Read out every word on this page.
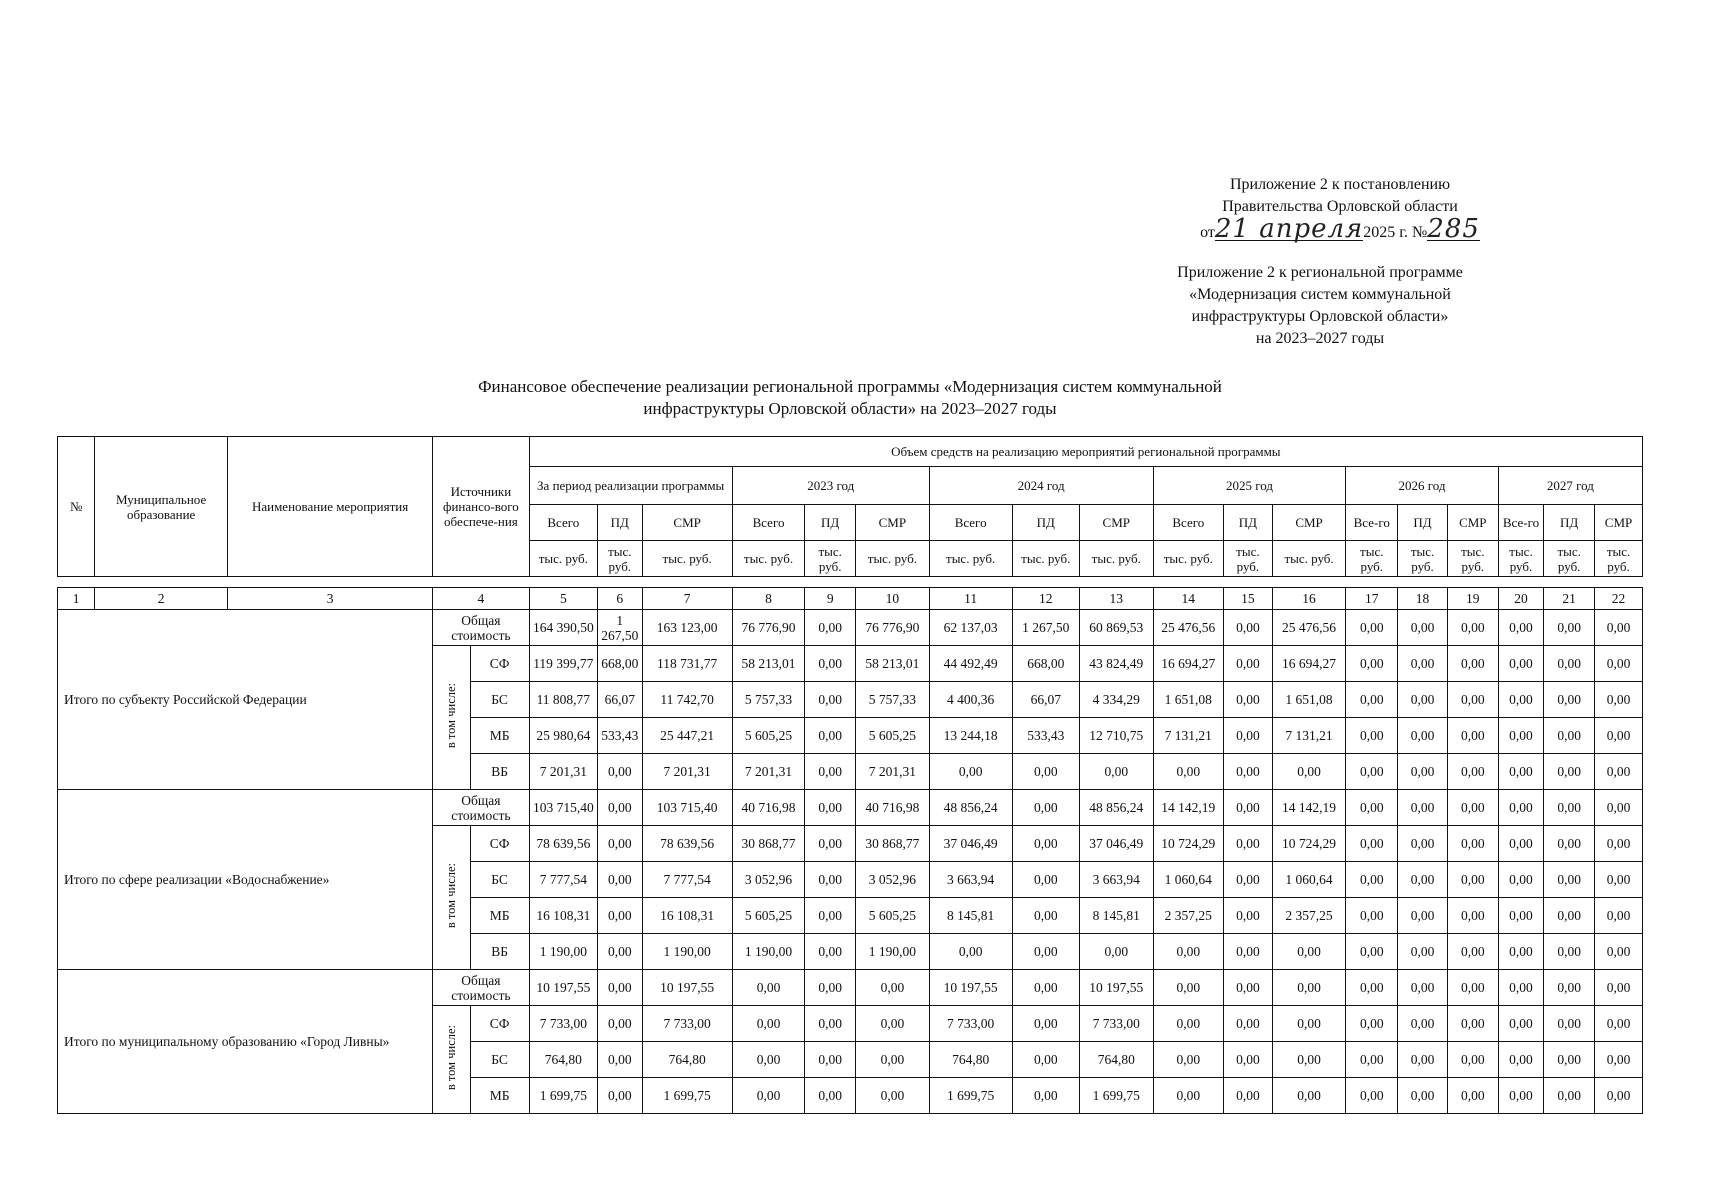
Приложение 2 к постановлению
Правительства Орловской области
от21 апреля2025 г. №285
Приложение 2 к региональной программе
«Модернизация систем коммунальной
инфраструктуры Орловской области»
на 2023–2027 годы
Финансовое обеспечение реализации региональной программы «Модернизация систем коммунальной
инфраструктуры Орловской области» на 2023–2027 годы
№	Муниципальное образование	Наименование мероприятия	Источники финансо-вого обеспече-ния		Объем средств на реализацию мероприятий региональной программы																	
					За период реализации программы			2023 год			2024 год			2025 год			2026 год			2027 год		
					Всего	ПД	СМР	Всего	ПД	СМР	Всего	ПД	СМР	Всего	ПД	СМР	Все-го	ПД	СМР	Все-го	ПД	СМР
					тыс. руб.	тыс. руб.	тыс. руб.	тыс. руб.	тыс. руб.	тыс. руб.	тыс. руб.	тыс. руб.	тыс. руб.	тыс. руб.	тыс. руб.	тыс. руб.	тыс. руб.	тыс. руб.	тыс. руб.	тыс. руб.	тыс. руб.	тыс. руб.

1	2	3	4		5	6	7	8	9	10	11	12	13	14	15	16	17	18	19	20	21	22
Итого по субъекту Российской Федерации			Общая стоимость		164 390,50	1 267,50	163 123,00	76 776,90	0,00	76 776,90	62 137,03	1 267,50	60 869,53	25 476,56	0,00	25 476,56	0,00	0,00	0,00	0,00	0,00	0,00
			в том числе:	СФ	119 399,77	668,00	118 731,77	58 213,01	0,00	58 213,01	44 492,49	668,00	43 824,49	16 694,27	0,00	16 694,27	0,00	0,00	0,00	0,00	0,00	0,00
				БС	11 808,77	66,07	11 742,70	5 757,33	0,00	5 757,33	4 400,36	66,07	4 334,29	1 651,08	0,00	1 651,08	0,00	0,00	0,00	0,00	0,00	0,00
				МБ	25 980,64	533,43	25 447,21	5 605,25	0,00	5 605,25	13 244,18	533,43	12 710,75	7 131,21	0,00	7 131,21	0,00	0,00	0,00	0,00	0,00	0,00
				ВБ	7 201,31	0,00	7 201,31	7 201,31	0,00	7 201,31	0,00	0,00	0,00	0,00	0,00	0,00	0,00	0,00	0,00	0,00	0,00	0,00
Итого по сфере реализации «Водоснабжение»			Общая стоимость		103 715,40	0,00	103 715,40	40 716,98	0,00	40 716,98	48 856,24	0,00	48 856,24	14 142,19	0,00	14 142,19	0,00	0,00	0,00	0,00	0,00	0,00
			в том числе:	СФ	78 639,56	0,00	78 639,56	30 868,77	0,00	30 868,77	37 046,49	0,00	37 046,49	10 724,29	0,00	10 724,29	0,00	0,00	0,00	0,00	0,00	0,00
				БС	7 777,54	0,00	7 777,54	3 052,96	0,00	3 052,96	3 663,94	0,00	3 663,94	1 060,64	0,00	1 060,64	0,00	0,00	0,00	0,00	0,00	0,00
				МБ	16 108,31	0,00	16 108,31	5 605,25	0,00	5 605,25	8 145,81	0,00	8 145,81	2 357,25	0,00	2 357,25	0,00	0,00	0,00	0,00	0,00	0,00
				ВБ	1 190,00	0,00	1 190,00	1 190,00	0,00	1 190,00	0,00	0,00	0,00	0,00	0,00	0,00	0,00	0,00	0,00	0,00	0,00	0,00
Итого по муниципальному образованию «Город Ливны»			Общая стоимость		10 197,55	0,00	10 197,55	0,00	0,00	0,00	10 197,55	0,00	10 197,55	0,00	0,00	0,00	0,00	0,00	0,00	0,00	0,00	0,00
			в том числе:	СФ	7 733,00	0,00	7 733,00	0,00	0,00	0,00	7 733,00	0,00	7 733,00	0,00	0,00	0,00	0,00	0,00	0,00	0,00	0,00	0,00
				БС	764,80	0,00	764,80	0,00	0,00	0,00	764,80	0,00	764,80	0,00	0,00	0,00	0,00	0,00	0,00	0,00	0,00	0,00
				МБ	1 699,75	0,00	1 699,75	0,00	0,00	0,00	1 699,75	0,00	1 699,75	0,00	0,00	0,00	0,00	0,00	0,00	0,00	0,00	0,00
